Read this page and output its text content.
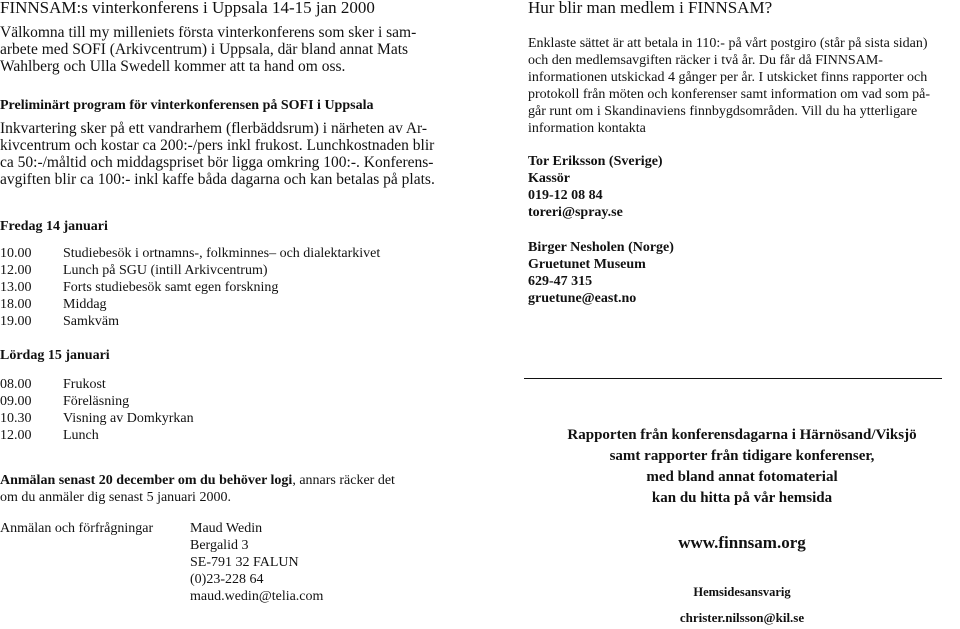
FINNSAM:s vinterkonferens i Uppsala 14-15 jan 2000
Välkomna till my milleniets första vinterkonferens som sker i sam-
arbete med SOFI (Arkivcentrum) i Uppsala, där bland annat Mats
Wahlberg och Ulla Swedell kommer att ta hand om oss.
Preliminärt program för vinterkonferensen på SOFI i Uppsala
Inkvartering sker på ett vandrarhem (flerbäddsrum) i närheten av Ar-
kivcentrum och kostar ca 200:-/pers inkl frukost. Lunchkostnaden blir
ca 50:-/måltid och middagspriset bör ligga omkring 100:-. Konferens-
avgiften blir ca 100:- inkl kaffe båda dagarna och kan betalas på plats.
Fredag 14 januari
10.00	Studiebesök i ortnamns-, folkminnes– och dialektarkivet
12.00	Lunch på SGU (intill Arkivcentrum)
13.00	Forts studiebesök samt egen forskning
18.00	Middag
19.00	Samkväm
Lördag 15 januari
08.00	Frukost
09.00	Föreläsning
10.30	Visning av Domkyrkan
12.00	Lunch
Anmälan senast 20 december om du behöver logi, annars räcker det
om du anmäler dig senast 5 januari 2000.
Anmälan och förfrågningar	Maud Wedin
Bergalid 3
SE-791 32 FALUN
(0)23-228 64
maud.wedin@telia.com
Hur blir man medlem i FINNSAM?
Enklaste sättet är att betala in 110:- på vårt postgiro (står på sista sidan)
och den medlemsavgiften räcker i två år. Du får då FINNSAM-
informationen utskickad 4 gånger per år. I utskicket finns rapporter och
protokoll från möten och konferenser samt information om vad som på-
går runt om i Skandinaviens finnbygdsområden. Vill du ha ytterligare
information kontakta
Tor Eriksson (Sverige)
Kassör
019-12 08 84
toreri@spray.se
Birger Nesholen (Norge)
Gruetunet Museum
629-47 315
gruetune@east.no
Rapporten från konferensdagarna i Härnösand/Viksjö
samt rapporter från tidigare konferenser,
med bland annat fotomaterial
kan du hitta på vår hemsida
www.finnsam.org
Hemsidesansvarig
christer.nilsson@kil.se
